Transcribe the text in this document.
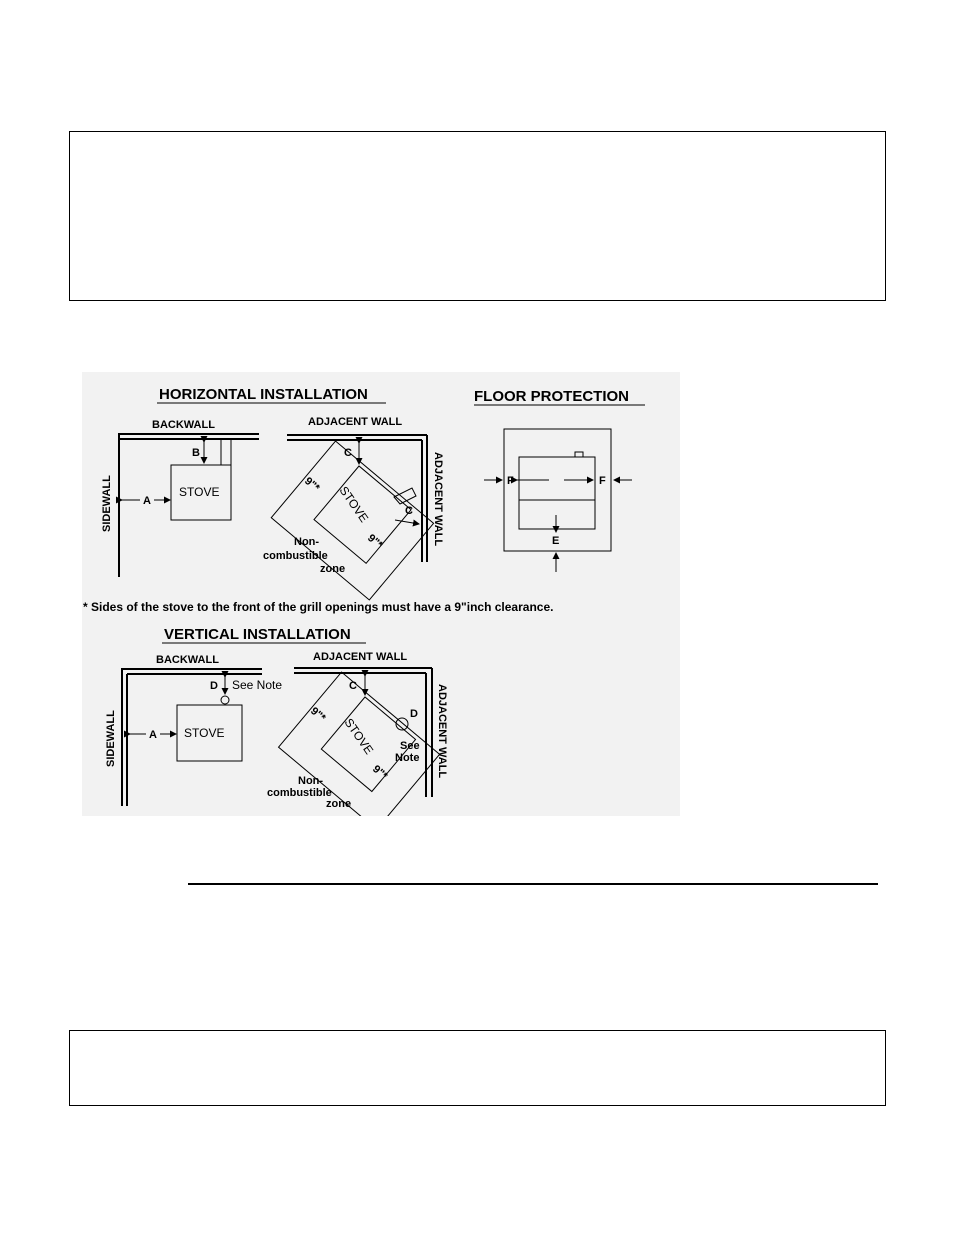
HORIZONTAL INSTALLATION
BACKWALL
SIDEWALL	STOVE
A
B
ADJACENT WALL
ADJACENT WALL
C
STOVE
9"*
9"*
C
Non-
combustible
zone
FLOOR PROTECTION
F	F
E
* Sides of the stove to the front of the grill openings must have a 9"inch clearance.
VERTICAL INSTALLATION
BACKWALL
SIDEWALL	STOVE
A
D See Note
ADJACENT WALL
ADJACENT WALL
C
STOVE
D
See
Note
9"*
9"*
Non-
combustible
zone
